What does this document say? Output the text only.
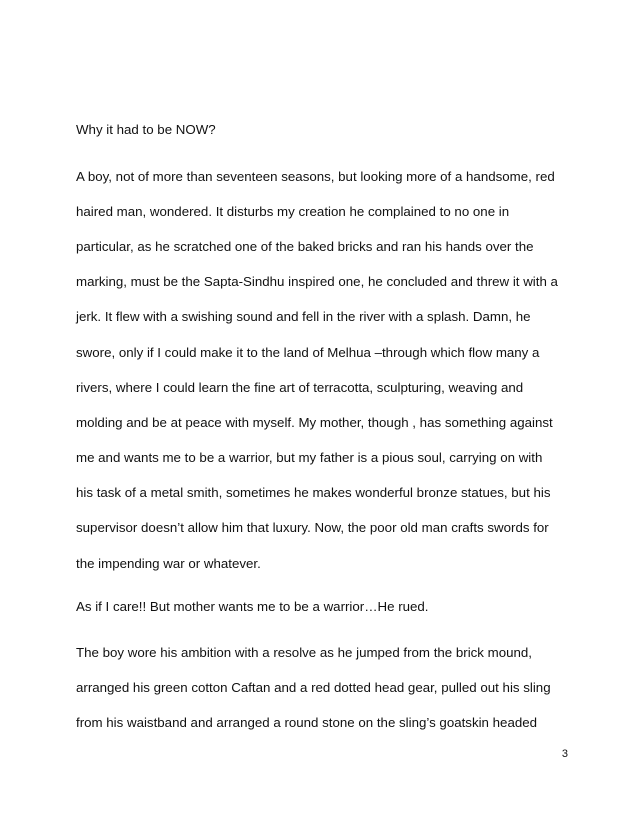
Why it had to be NOW?
A boy, not of more than seventeen seasons, but looking more of a handsome, red
haired man, wondered. It disturbs my creation he complained to no one in
particular, as he scratched one of the baked bricks and ran his hands over the
marking, must be the Sapta-Sindhu inspired one, he concluded and threw it with a
jerk. It flew with a swishing sound and fell in the river with a splash. Damn, he
swore, only if I could make it to the land of Melhua –through which flow many a
rivers, where I could learn the fine art of terracotta, sculpturing, weaving and
molding and be at peace with myself. My mother, though , has something against
me and wants me to be a warrior, but my father is a pious soul, carrying on with
his task of a metal smith, sometimes he makes wonderful bronze statues, but his
supervisor doesn’t allow him that luxury. Now, the poor old man crafts swords for
the impending war or whatever.
As if I care!! But mother wants me to be a warrior…He rued.
The boy wore his ambition with a resolve as he jumped from the brick mound,
arranged his green cotton Caftan and a red dotted head gear, pulled out his sling
from his waistband and arranged a round stone on the sling’s goatskin headed
3
